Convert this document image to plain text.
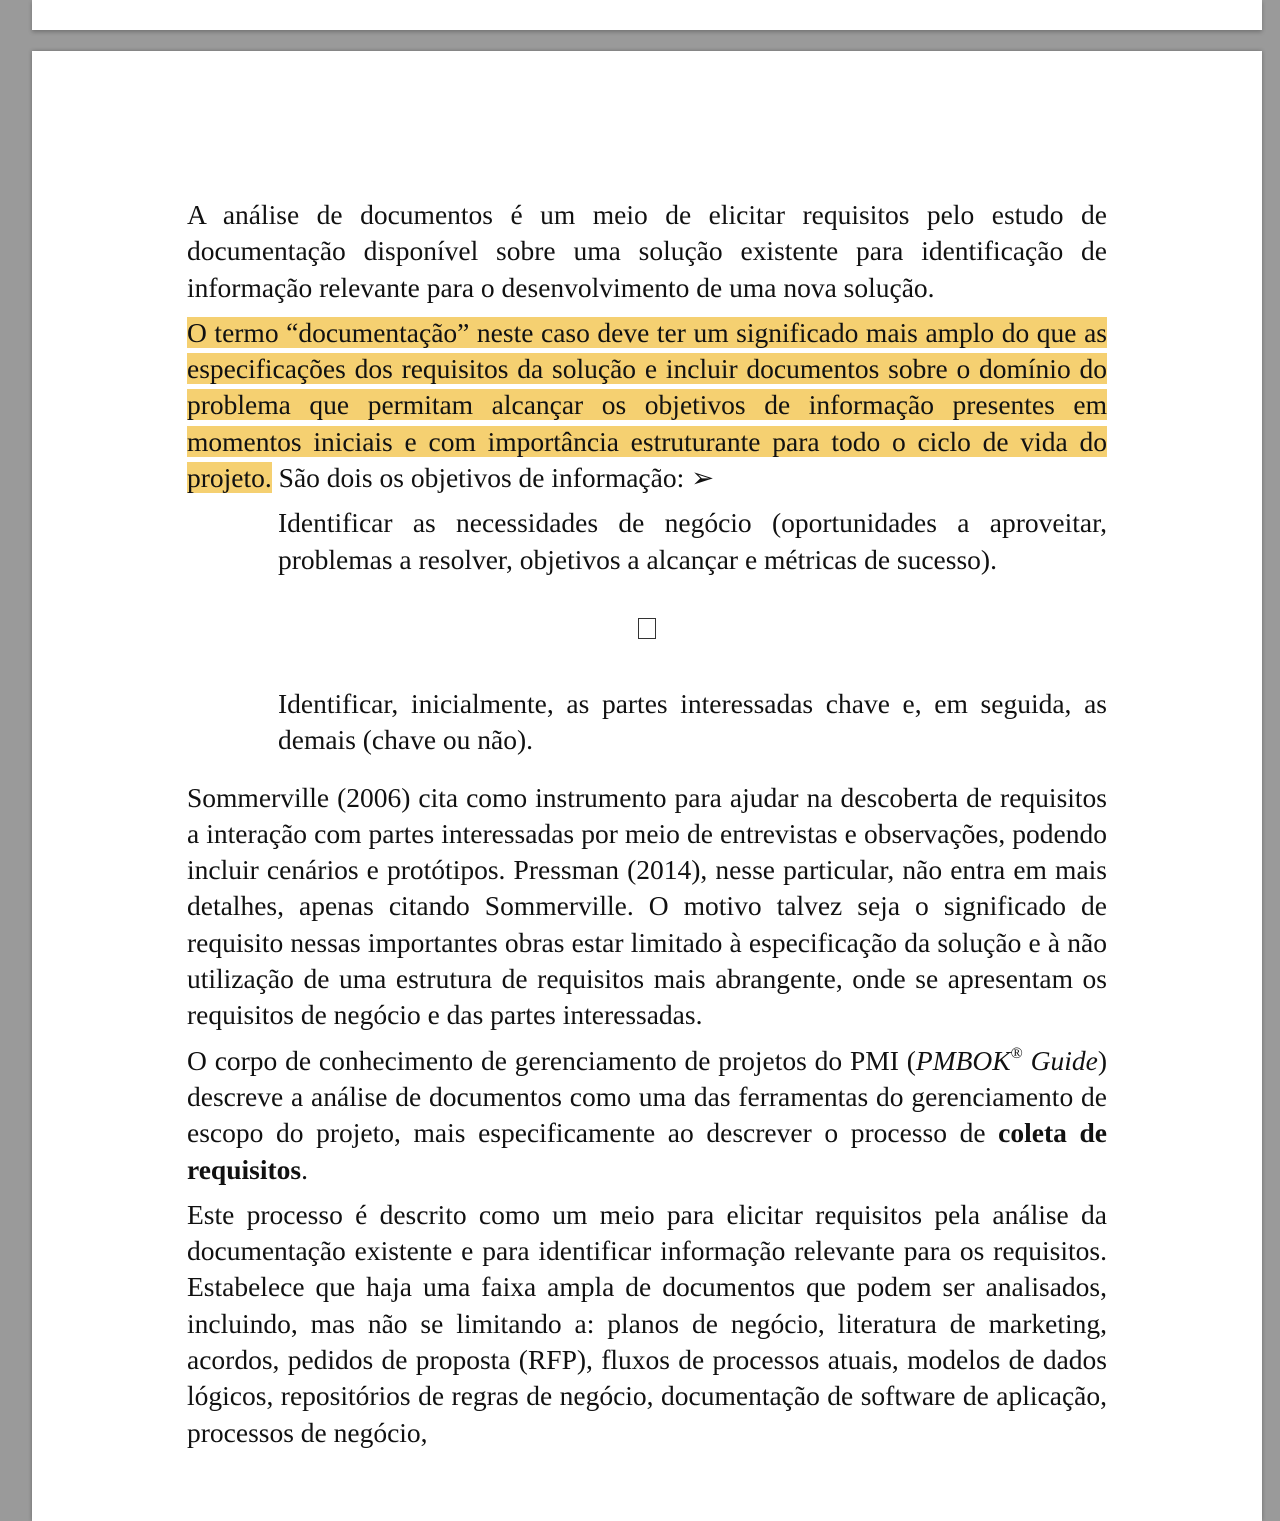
A análise de documentos é um meio de elicitar requisitos pelo estudo de documentação disponível sobre uma solução existente para identificação de informação relevante para o desenvolvimento de uma nova solução.

O termo “documentação” neste caso deve ter um significado mais amplo do que as especificações dos requisitos da solução e incluir documentos sobre o domínio do problema que permitam alcançar os objetivos de informação presentes em momentos iniciais e com importância estruturante para todo o ciclo de vida do projeto. São dois os objetivos de informação: ➢

Identificar as necessidades de negócio (oportunidades a aproveitar, problemas a resolver, objetivos a alcançar e métricas de sucesso).

Identificar, inicialmente, as partes interessadas chave e, em seguida, as demais (chave ou não).

Sommerville (2006) cita como instrumento para ajudar na descoberta de requisitos a interação com partes interessadas por meio de entrevistas e observações, podendo incluir cenários e protótipos. Pressman (2014), nesse particular, não entra em mais detalhes, apenas citando Sommerville. O motivo talvez seja o significado de requisito nessas importantes obras estar limitado à especificação da solução e à não utilização de uma estrutura de requisitos mais abrangente, onde se apresentam os requisitos de negócio e das partes interessadas.

O corpo de conhecimento de gerenciamento de projetos do PMI (PMBOK® Guide) descreve a análise de documentos como uma das ferramentas do gerenciamento de escopo do projeto, mais especificamente ao descrever o processo de coleta de requisitos.

Este processo é descrito como um meio para elicitar requisitos pela análise da documentação existente e para identificar informação relevante para os requisitos. Estabelece que haja uma faixa ampla de documentos que podem ser analisados, incluindo, mas não se limitando a: planos de negócio, literatura de marketing, acordos, pedidos de proposta (RFP), fluxos de processos atuais, modelos de dados lógicos, repositórios de regras de negócio, documentação de software de aplicação, processos de negócio,
